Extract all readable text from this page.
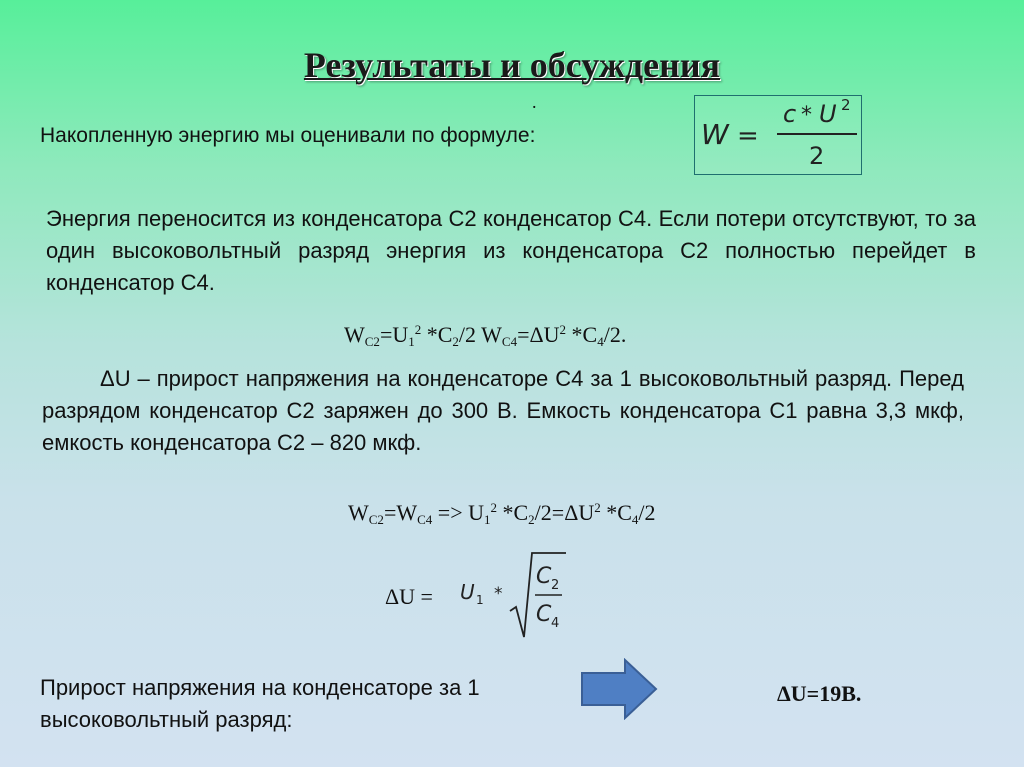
Результаты и обсуждения
.
Накопленную энергию мы оценивали по формуле:	W =
c * U 2
2
Энергия переносится из конденсатора С2 конденсатор С4. Если потери отсутствуют, то за один высоковольтный разряд энергия из конденсатора С2 полностью перейдет в конденсатор С4.
$W_{C2}=U_1^2$ $*C_2/2$ $W_{C4}=\Delta U^2$ $*C_4/2$.
ΔU – прирост напряжения на конденсаторе С4 за 1 высоковольтный разряд. Перед разрядом конденсатор С2 заряжен до 300 В. Емкость конденсатора С1 равна 3,3 мкф, емкость конденсатора С2 – 820 мкф.
$W_{C2}=W_{C4} => U_1^2$ $*C_2/2=\Delta U^2$ $*C_4/2$
ΔU = U 1 *
C 2
C 4
Прирост напряжения на конденсаторе за 1
высоковольтный разряд:
ΔU=19В.
